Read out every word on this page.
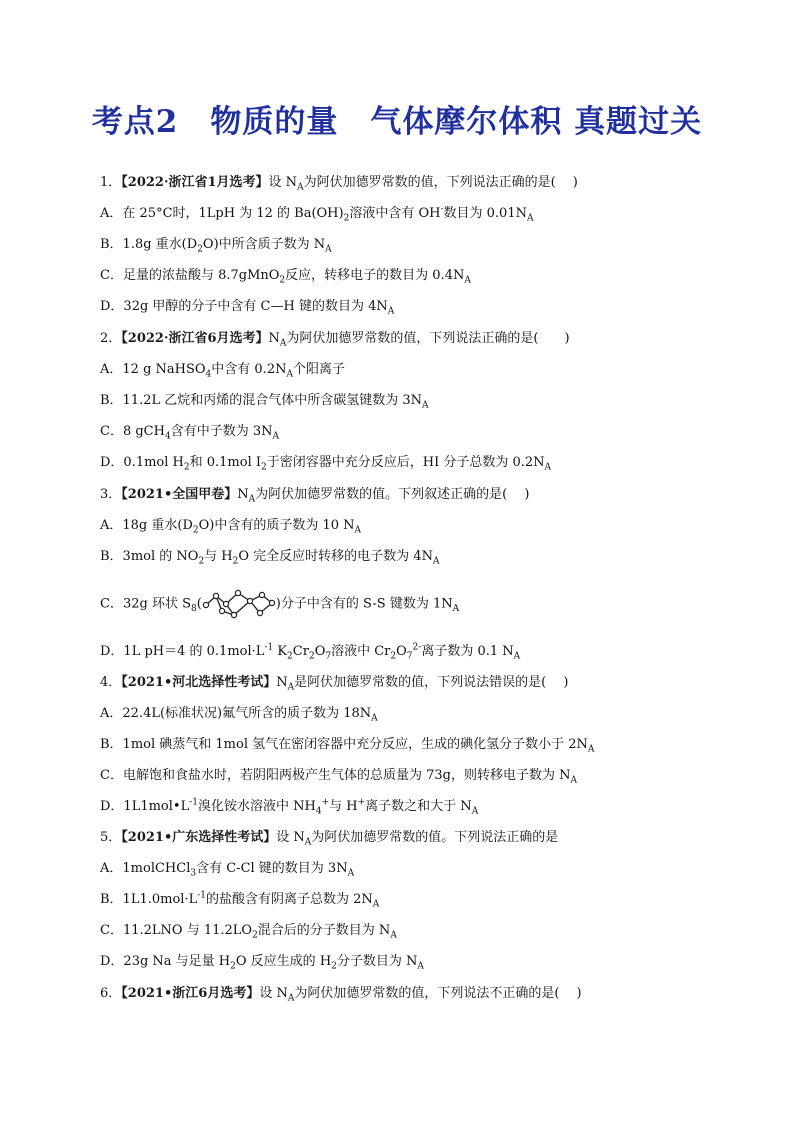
考点2　物质的量　气体摩尔体积 真题过关
1．【2022·浙江省1月选考】设 $N_A$为阿伏加德罗常数的值，下列说法正确的是(　 )
A．在 25°C时，1LpH 为 12 的 $Ba(OH)_2$溶液中含有 OH-数目为 $0.01N_A$
B．1.8g 重水$(D_2O)$中所含质子数为 $N_A$
C．足量的浓盐酸与 8.7gMnO$_2$反应，转移电子的数目为 $0.4N_A$
D．32g 甲醇的分子中含有 C—H 键的数目为 $4N_A$
2．【2022·浙江省6月选考】$N_A$为阿伏加德罗常数的值，下列说法正确的是(　　)
A．12 g NaHSO$_4$中含有 $0.2N_A$个阳离子
B．11.2L 乙烷和丙烯的混合气体中所含碳氢键数为 $3N_A$
C．8 gCH$_4$含有中子数为 $3N_A$
D．0.1mol $H_2$和 0.1mol $I_2$于密闭容器中充分反应后，HI 分子总数为 $0.2N_A$
3．【2021•全国甲卷】$N_A$为阿伏加德罗常数的值。下列叙述正确的是(　 )
A．18g 重水$(D_2O)$中含有的质子数为 10 $N_A$
B．3mol 的 $NO_2$与 $H_2O$ 完全反应时转移的电子数为 $4N_A$
C．32g 环状 $S_8$(	)分子中含有的 S-S 键数为 $1N_A$
D．1L pH＝4 的 $0.1mol\cdot L^{-1}$ $K_2Cr_2O_7$溶液中 $Cr_2O_7^{2-}$离子数为 0.1 $N_A$
4．【2021•河北选择性考试】$N_A$是阿伏加德罗常数的值，下列说法错误的是(　 )
A．22.4L(标准状况)氟气所含的质子数为 $18N_A$
B．1mol 碘蒸气和 1mol 氢气在密闭容器中充分反应，生成的碘化氢分子数小于 $2N_A$
C．电解饱和食盐水时，若阴阳两极产生气体的总质量为 73g，则转移电子数为 $N_A$
D．$1L1mol•L^{-1}$溴化铵水溶液中 $NH_4^+$与 H+离子数之和大于 $N_A$
5．【2021•广东选择性考试】设 $N_A$为阿伏加德罗常数的值。下列说法正确的是
A．1molCHCl$_3$含有 C-Cl 键的数目为 $3N_A$
B．$1L1.0mol\cdot L^{-1}$的盐酸含有阴离子总数为 $2N_A$
C．11.2LNO 与 $11.2LO_2$混合后的分子数目为 $N_A$
D．23g Na 与足量 $H_2O$ 反应生成的 $H_2$分子数目为 $N_A$
6．【2021•浙江6月选考】设 $N_A$为阿伏加德罗常数的值，下列说法不正确的是(　 )
